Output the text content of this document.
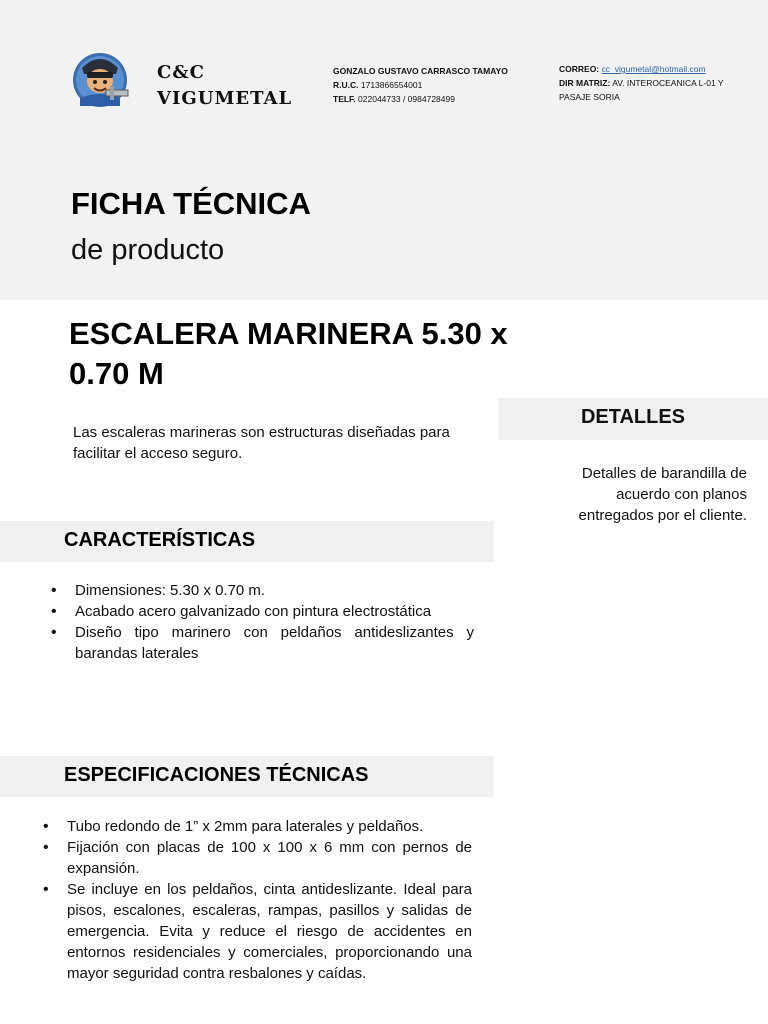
C&C
VIGUMETAL
GONZALO GUSTAVO CARRASCO TAMAYO
R.U.C. 1713866554001
TELF. 022044733 / 0984728499
CORREO: cc_vigumetal@hotmail.com
DIR MATRIZ: AV. INTEROCEANICA L-01 Y PASAJE SORIA
FICHA TÉCNICA

de producto

ESCALERA MARINERA 5.30 x 0.70 M

Las escaleras marineras son estructuras diseñadas para facilitar el acceso seguro.

DETALLES

Detalles de barandilla de acuerdo con planos entregados por el cliente.

CARACTERÍSTICAS
• Dimensiones: 5.30 x 0.70 m.
• Acabado acero galvanizado con pintura electrostática
• Diseño tipo marinero con peldaños antideslizantes y barandas laterales
ESPECIFICACIONES TÉCNICAS
• Tubo redondo de 1” x 2mm para laterales y peldaños.
• Fijación con placas de 100 x 100 x 6 mm con pernos de expansión.
• Se incluye en los peldaños, cinta antideslizante. Ideal para pisos, escalones, escaleras, rampas, pasillos y salidas de emergencia. Evita y reduce el riesgo de accidentes en entornos residenciales y comerciales, proporcionando una mayor seguridad contra resbalones y caídas.
